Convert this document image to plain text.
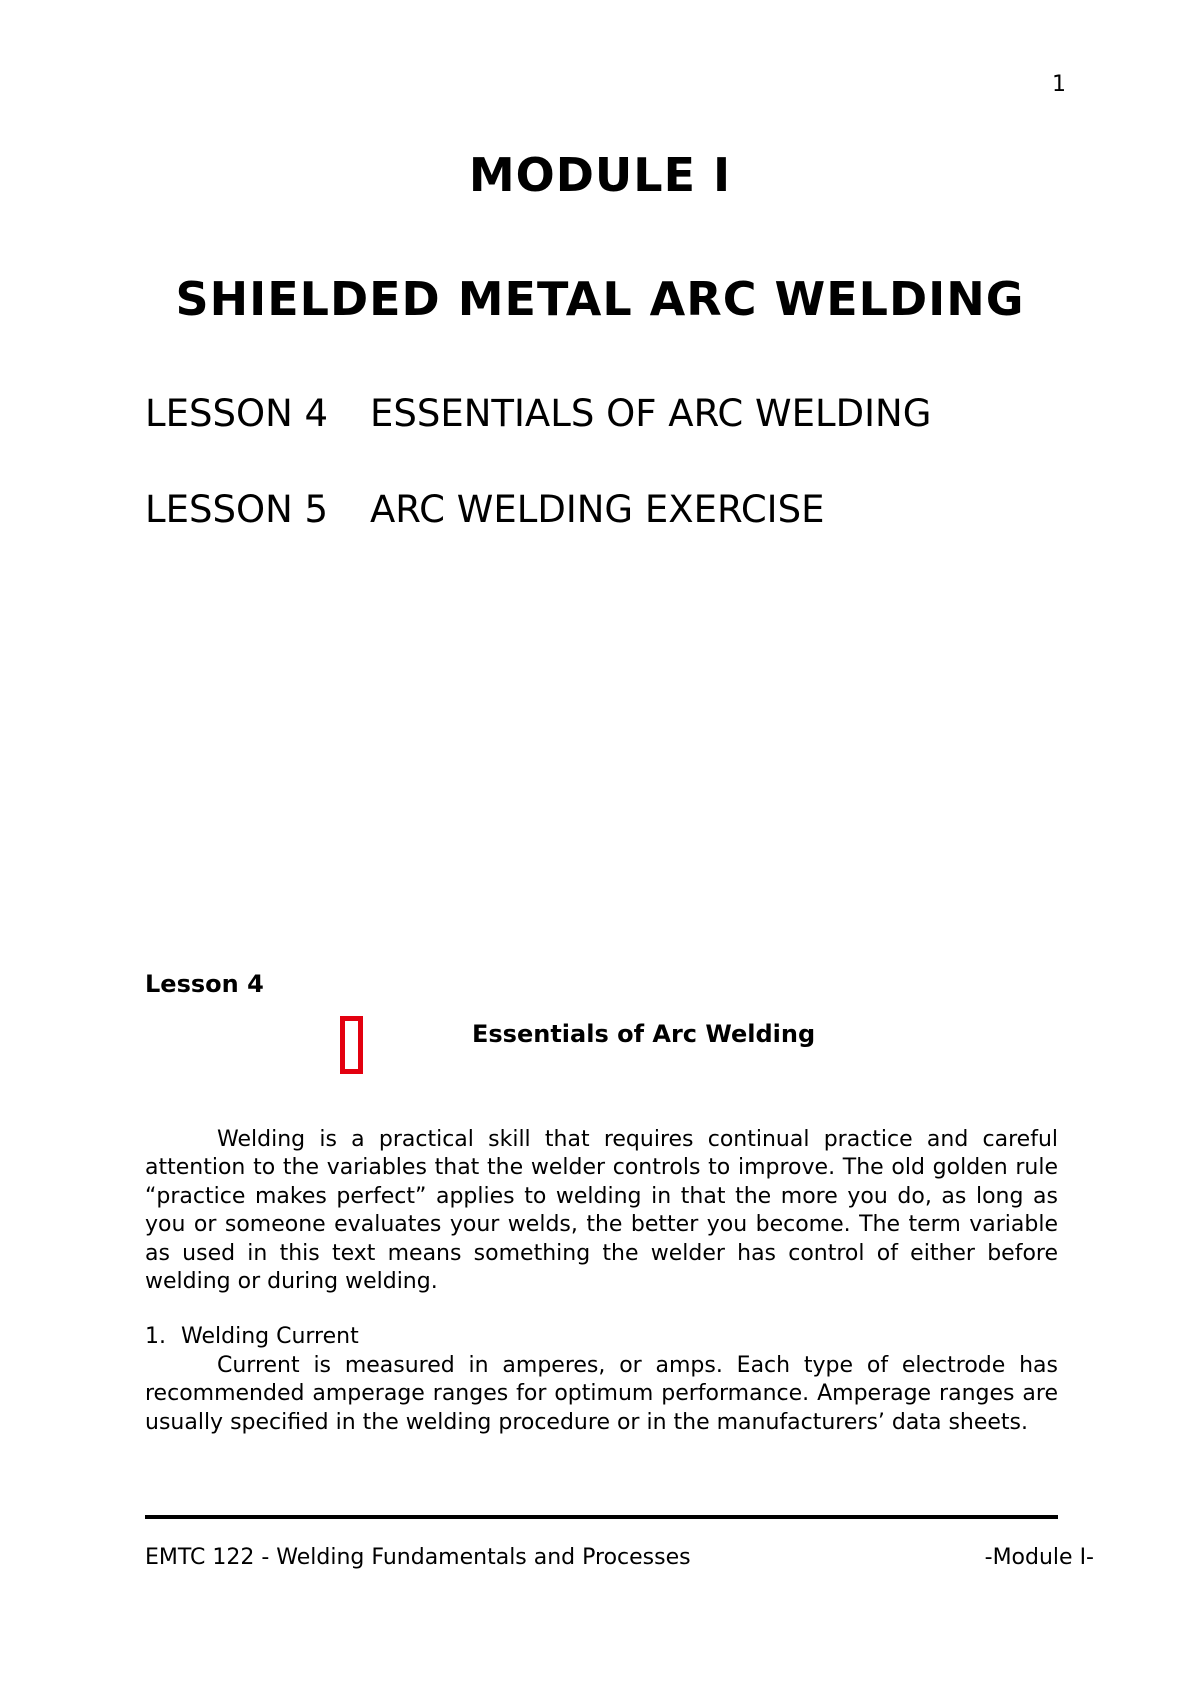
1
MODULE I
SHIELDED METAL ARC WELDING
LESSON 4 ESSENTIALS OF ARC WELDING
LESSON 5 ARC WELDING EXERCISE
Lesson 4
Essentials of Arc Welding

Welding is a practical skill that requires continual practice and careful attention to the variables that the welder controls to improve. The old golden rule “practice makes perfect” applies to welding in that the more you do, as long as you or someone evaluates your welds, the better you become. The term variable as used in this text means something the welder has control of either before welding or during welding.

1. Welding Current

Current is measured in amperes, or amps. Each type of electrode has recommended amperage ranges for optimum performance. Amperage ranges are usually specified in the welding procedure or in the manufacturers’ data sheets.

EMTC 122 - Welding Fundamentals and Processes	-Module I-
